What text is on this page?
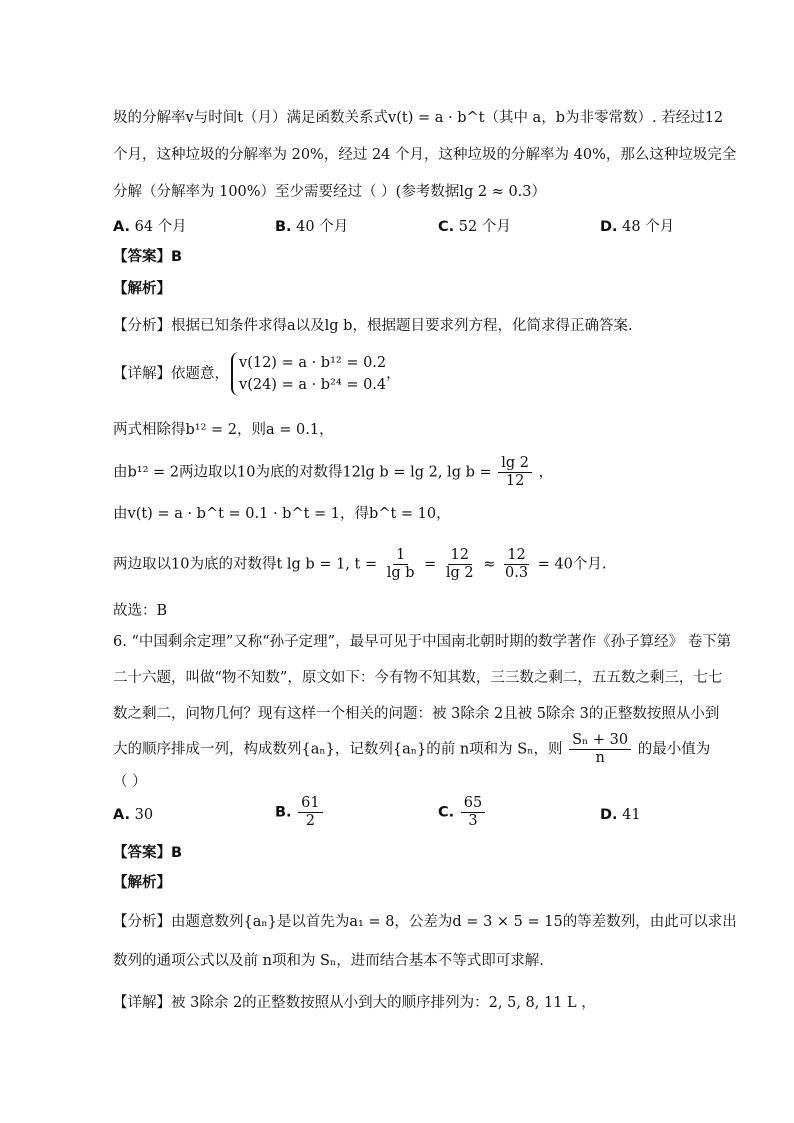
圾的分解率v与时间t（月）满足函数关系式v(t) = a · b^t（其中 a，b为非零常数）. 若经过12
个月，这种垃圾的分解率为 20%，经过 24 个月，这种垃圾的分解率为 40%，那么这种垃圾完全
分解（分解率为 100%）至少需要经过（ ）(参考数据lg 2 ≈ 0.3）
A. 64 个月	B. 40 个月	C. 52 个月	D. 48 个月
【答案】B
【解析】
【分析】根据已知条件求得a以及lg b，根据题目要求列方程，化简求得正确答案.
【详解】依题意，
v(12) = a · b¹² = 0.2
v(24) = a · b²⁴ = 0.4
，
两式相除得b¹² = 2，则a = 0.1，
由b¹² = 2两边取以10为底的对数得12lg b = lg 2, $\lg b = \frac{\lg 2}{12}$ ，
由v(t) = a · b^t = 0.1 · b^t = 1，得b^t = 10，
两边取以10为底的对数得t lg b = 1, $t = \frac{1}{\text{lg b}} = \frac{12}{\lg 2} \approx \frac{12}{0.3} = 40$个月.
故选：B
6. “中国剩余定理”又称“孙子定理”，最早可见于中国南北朝时期的数学著作《孙子算经》 卷下第
二十六题，叫做“物不知数”，原文如下：今有物不知其数，三三数之剩二，五五数之剩三，七七
数之剩二，问物几何？现有这样一个相关的问题：被 3除余 2且被 5除余 3的正整数按照从小到
大的顺序排成一列，构成数列{aₙ}，记数列{aₙ}的前 n项和为 Sₙ，则 $\frac{\text{Sₙ + 30}}{n}$ 的最小值为
（ ）
A. 30	B. $\frac{61}{2}$	C. $\frac{65}{3}$	D. 41
【答案】B
【解析】
【分析】由题意数列{aₙ}是以首先为a₁ = 8，公差为d = 3 × 5 = 15的等差数列，由此可以求出
数列的通项公式以及前 n项和为 Sₙ，进而结合基本不等式即可求解.
【详解】被 3除余 2的正整数按照从小到大的顺序排列为：2, 5, 8, 11 L ，
